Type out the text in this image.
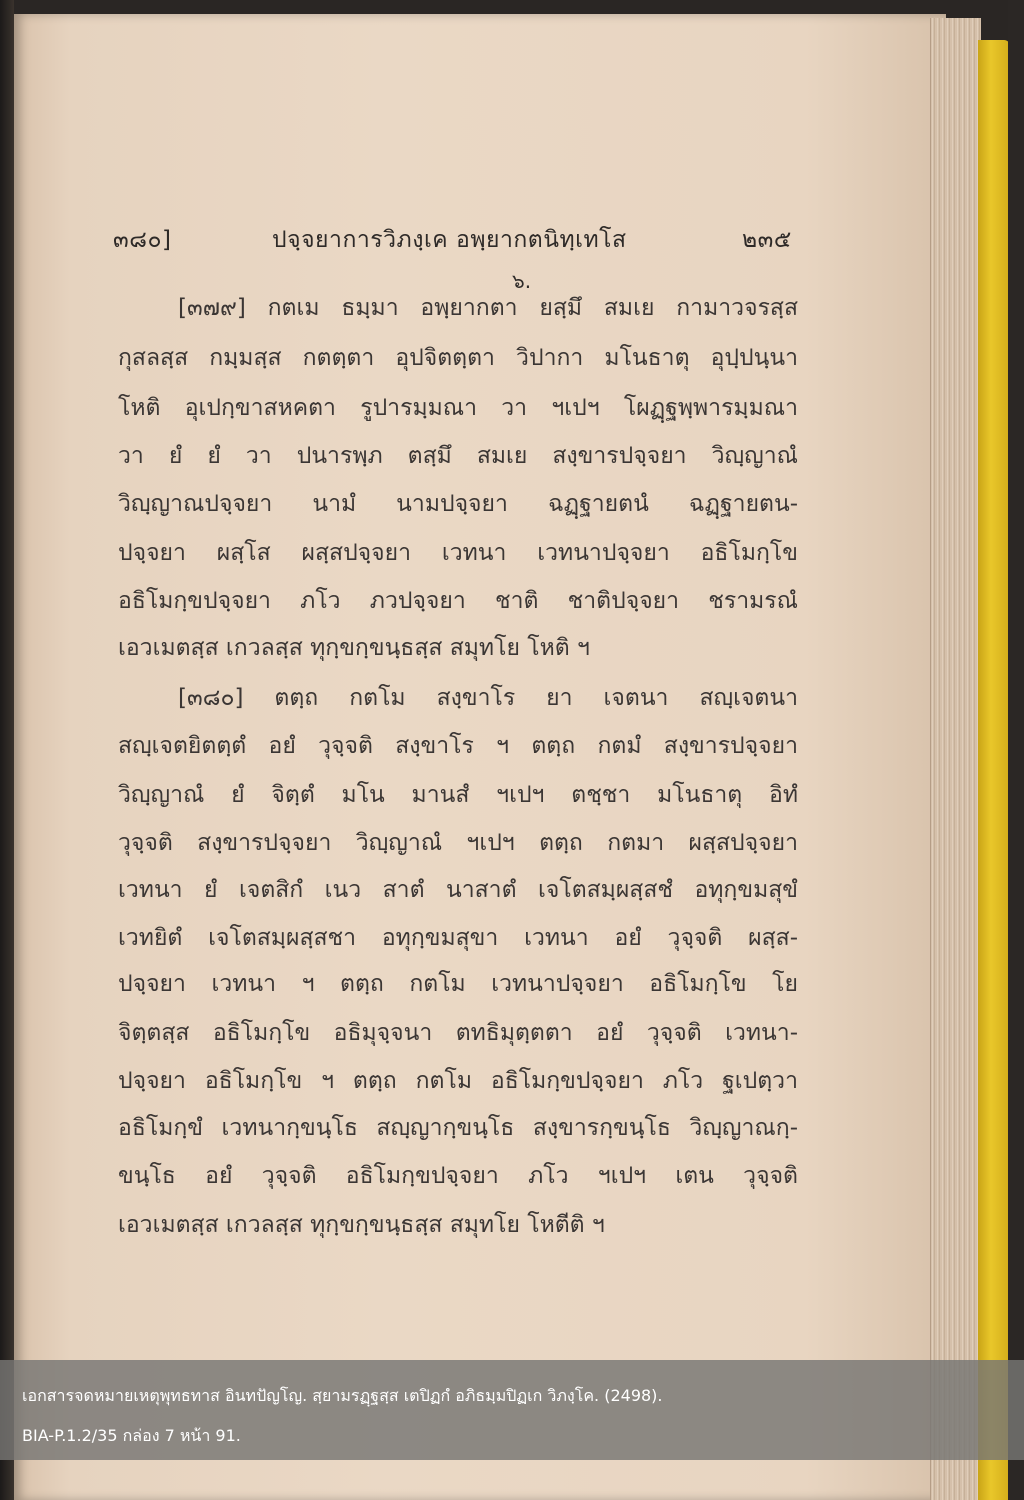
๓๘๐]	ปจฺจยาการวิภงฺเค อพฺยากตนิทฺเทโส	๒๓๕
๖.
[๓๗๙] กตเม ธมฺมา อพฺยากตา ยสฺมึ สมเย กามาวจรสฺส
กุสลสฺส กมฺมสฺส กตตฺตา อุปจิตตฺตา วิปากา มโนธาตุ อุปฺปนฺนา
โหติ อุเปกฺขาสหคตา รูปารมฺมณา วา ฯเปฯ โผฏฺฐพฺพารมฺมณา
วา ยํ ยํ วา ปนารพฺภ ตสฺมึ สมเย สงฺขารปจฺจยา วิญฺญาณํ
วิญฺญาณปจฺจยา นามํ นามปจฺจยา ฉฏฺฐายตนํ ฉฏฺฐายตน-
ปจฺจยา ผสฺโส ผสฺสปจฺจยา เวทนา เวทนาปจฺจยา อธิโมกฺโข
อธิโมกฺขปจฺจยา ภโว ภวปจฺจยา ชาติ ชาติปจฺจยา ชรามรณํ
เอวเมตสฺส เกวลสฺส ทุกฺขกฺขนฺธสฺส สมุทโย โหติ ฯ
[๓๘๐] ตตฺถ กตโม สงฺขาโร ยา เจตนา สญฺเจตนา
สญฺเจตยิตตฺตํ อยํ วุจฺจติ สงฺขาโร ฯ ตตฺถ กตมํ สงฺขารปจฺจยา
วิญฺญาณํ ยํ จิตฺตํ มโน มานสํ ฯเปฯ ตชฺชา มโนธาตุ อิทํ
วุจฺจติ สงฺขารปจฺจยา วิญฺญาณํ ฯเปฯ ตตฺถ กตมา ผสฺสปจฺจยา
เวทนา ยํ เจตสิกํ เนว สาตํ นาสาตํ เจโตสมฺผสฺสชํ อทุกฺขมสุขํ
เวทยิตํ เจโตสมฺผสฺสชา อทุกฺขมสุขา เวทนา อยํ วุจฺจติ ผสฺส-
ปจฺจยา เวทนา ฯ ตตฺถ กตโม เวทนาปจฺจยา อธิโมกฺโข โย
จิตฺตสฺส อธิโมกฺโข อธิมุจฺจนา ตทธิมุตฺตตา อยํ วุจฺจติ เวทนา-
ปจฺจยา อธิโมกฺโข ฯ ตตฺถ กตโม อธิโมกฺขปจฺจยา ภโว ฐเปตฺวา
อธิโมกฺขํ เวทนากฺขนฺโธ สญฺญากฺขนฺโธ สงฺขารกฺขนฺโธ วิญฺญาณกฺ-
ขนฺโธ อยํ วุจฺจติ อธิโมกฺขปจฺจยา ภโว ฯเปฯ เตน วุจฺจติ
เอวเมตสฺส เกวลสฺส ทุกฺขกฺขนฺธสฺส สมุทโย โหตีติ ฯ
เอกสารจดหมายเหตุพุทธทาส อินทปัญโญ. สฺยามรฏฺฐสฺส เตปิฏกํ อภิธมฺมปิฏเก วิภงฺโค. (2498).
BIA-P.1.2/35 กล่อง 7 หน้า 91.
